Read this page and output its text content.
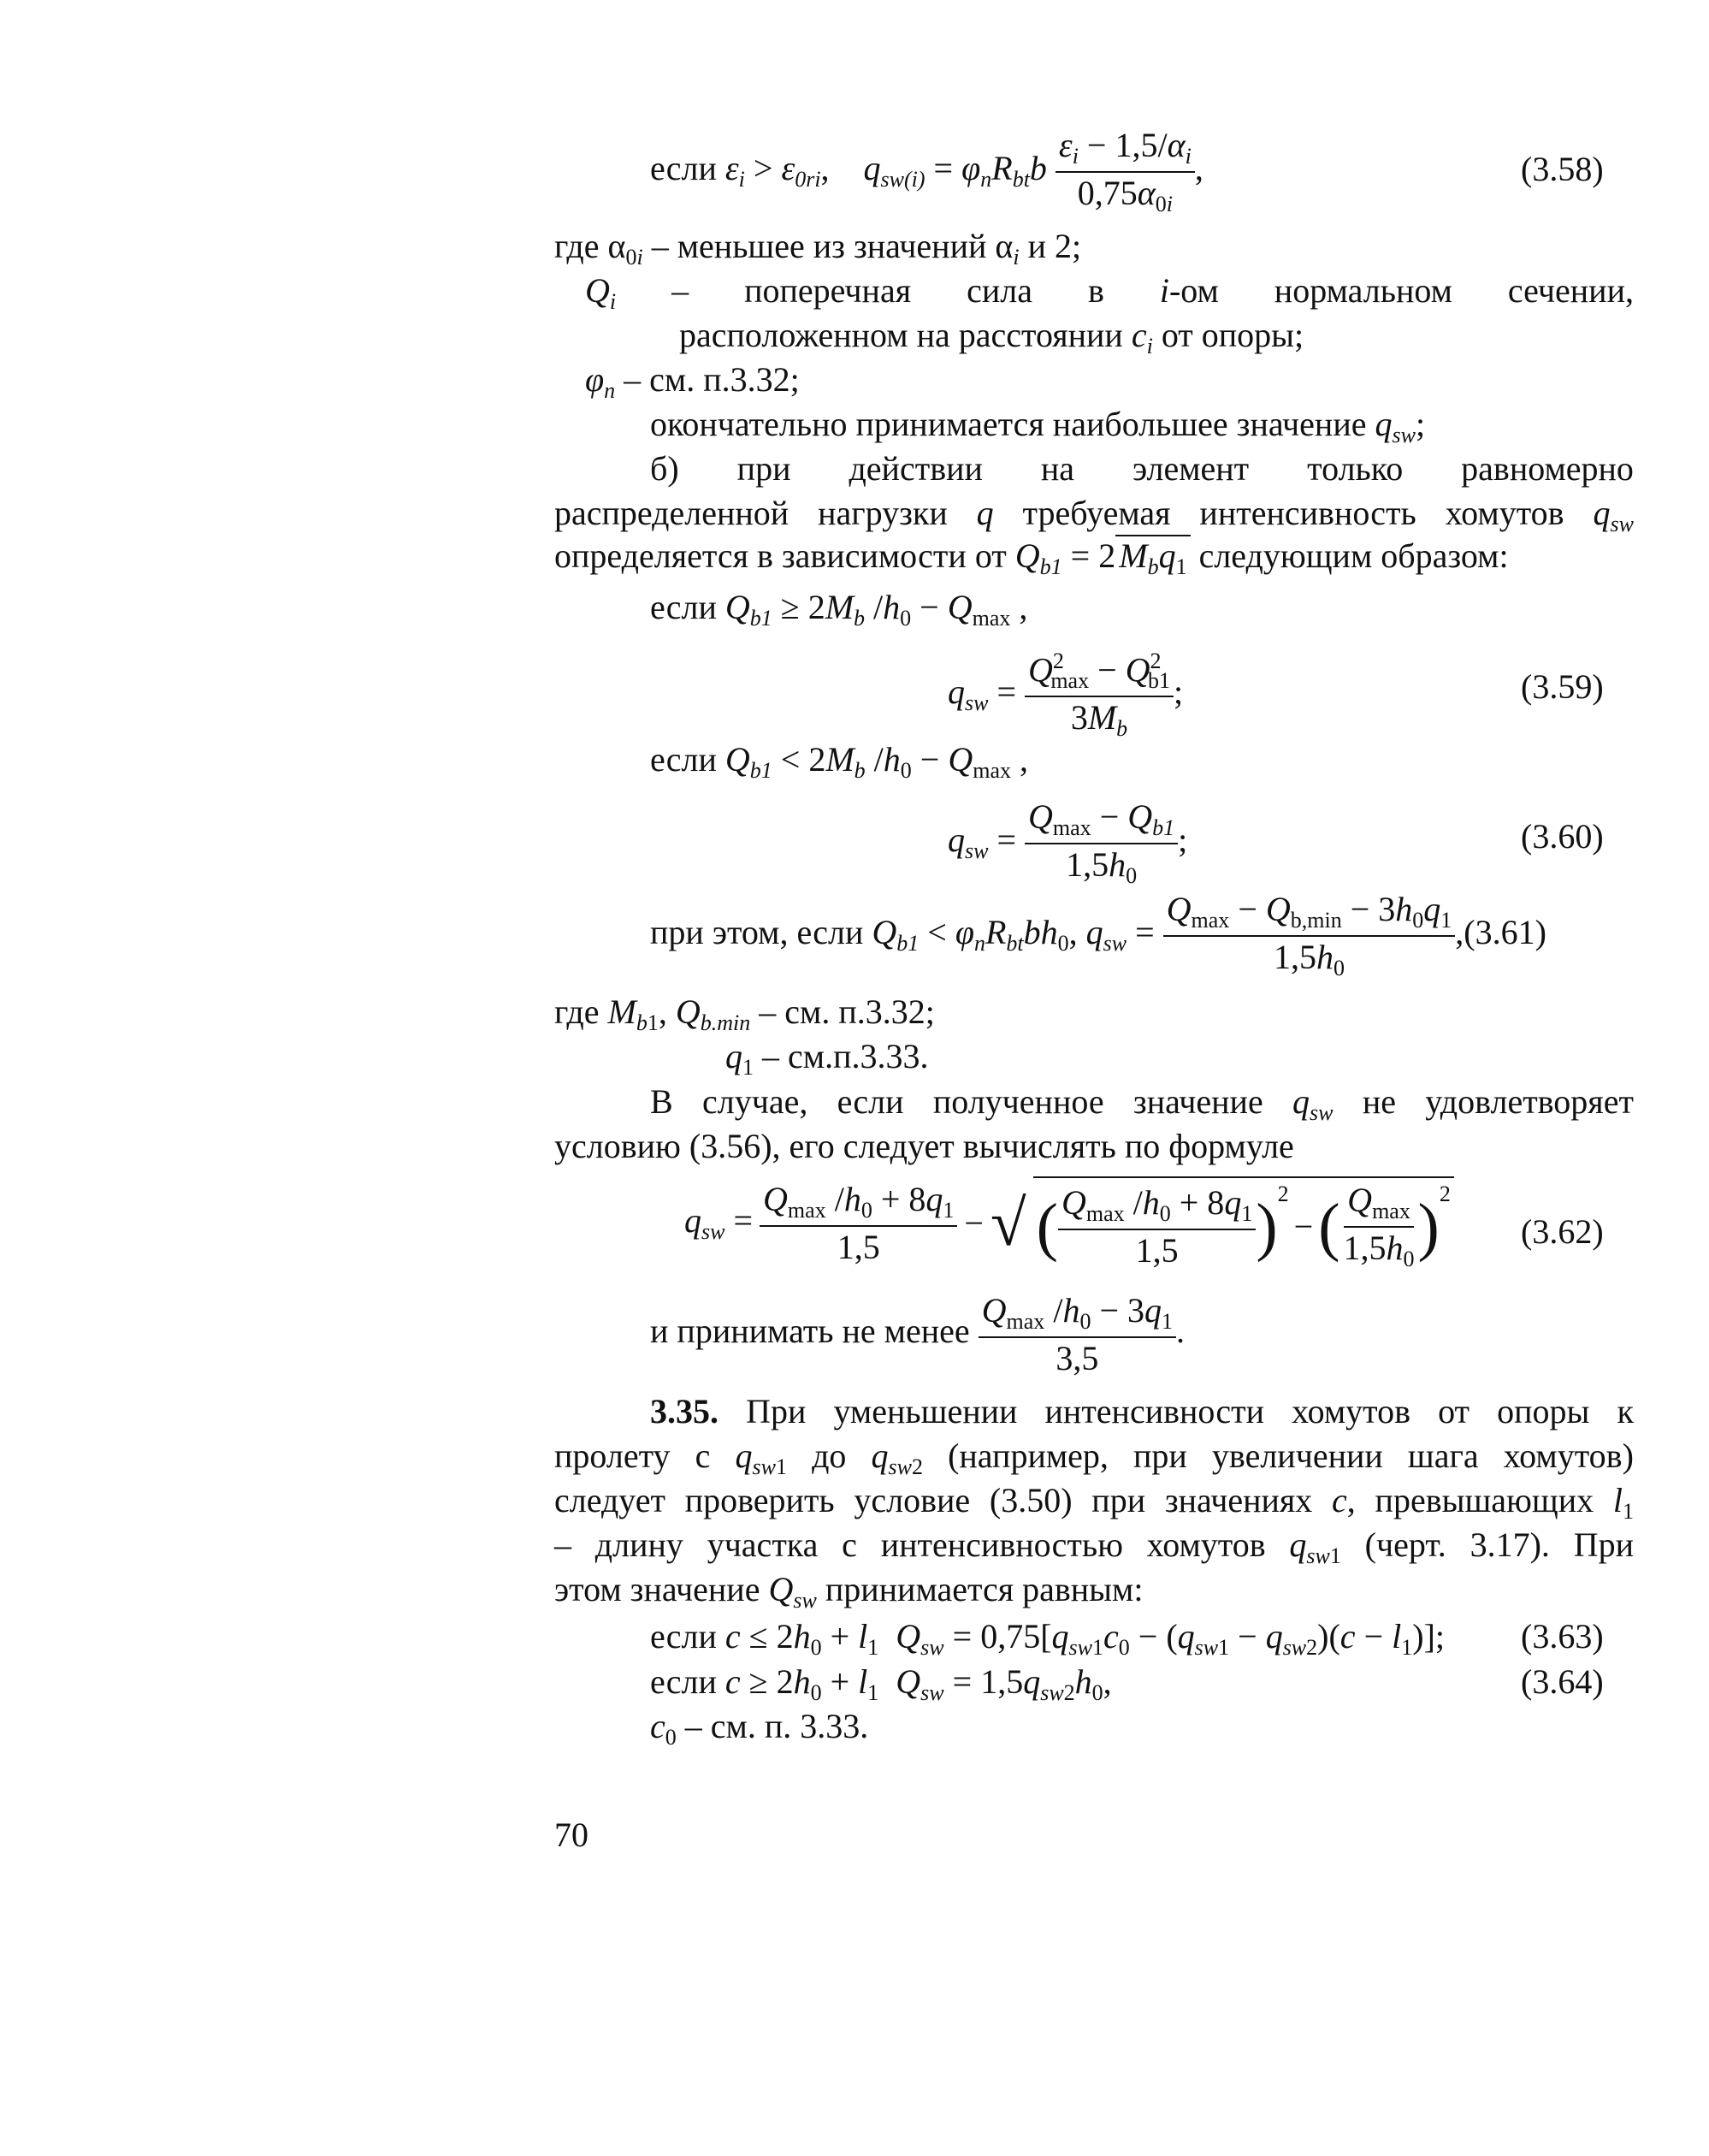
если $\varepsilon_i > \varepsilon_{0ri}$,    $q_{sw(i)} = \varphi_nR_{bt}b \frac{\varepsilon_i - 1,5/\alpha_i}{0,75\alpha_{0i}}$ ,	(3.58)
где $\alpha_{0i}$ – меньшее из значений $\alpha_i$ и 2;
$Q_i$ – поперечная сила в i-ом нормальном сечении,
расположенном на расстоянии $c_i$ от опоры;
$\varphi_n$ – см. п.3.32;
окончательно принимается наибольшее значение $q_{sw}$;
б) при действии на элемент только равномерно
распределенной нагрузки q требуемая интенсивность хомутов $q_{sw}$
определяется в зависимости от $Q_{b1} = 2$ $M_bq_1$ следующим образом:
если $Q_{b1} \ge 2M_b$ $/h_0 - Q_{max}$ ,
$q_{sw} = \frac{Q^2_{max} - Q^2_{b1}}{3M_b}$ ;	(3.59)
если $Q_{b1} < 2M_b$ $/h_0 - Q_{max}$ ,
$q_{sw} = \frac{Q_{max} - Q_{b1}}{1,5h_0}$ ;	(3.60)
при этом, если $Q_{b1} < \varphi_nR_{bt}bh_0$, $q_{sw} = \frac{Q_{max} - Q_{b,min} - 3h_0q_1}{1,5h_0} ,(3.61)$
где $M_{b1}$, $Q_{b.min}$ – см. п.3.32;
$q_1 - см.п.3.33$.
В случае, если полученное значение $q_{sw}$ не удовлетворяет
условию (3.56), его следует вычислять по формуле
$q_{sw} = \frac{Q_{max} /h_0 + 8q_1}{1,5}$ − √ ( $\frac{Q_{max} /h_0 + 8q_1}{1,5} )^2$
− ( $\frac{Q_{max}}{1,5h_0} )^2$
(3.62)
и принимать не менее $\frac{Q_{max} /h_0 - 3q_1}{3,5}$ .
3.35. При уменьшении интенсивности хомутов от опоры к
пролету с $q_{sw1}$ до $q_{sw2}$ (например, при увеличении шага хомутов)
следует проверить условие (3.50) при значениях c, превышающих $l_1$
– длину участка с интенсивностью хомутов $q_{sw1}$ (черт. 3.17). При
этом значение $Q_{sw}$ принимается равным:
если $c \le 2h_0 + l_1$ $Q_{sw} = 0,75[q_{sw1}c_0 - (q_{sw1} - q_{sw2})(c - l_1)]$; (3.63)
если $c \ge 2h_0 + l_1$ $Q_{sw} = 1,5q_{sw2}h_0$,	(3.64)
$c_0$ – см. п. 3.33.
70
